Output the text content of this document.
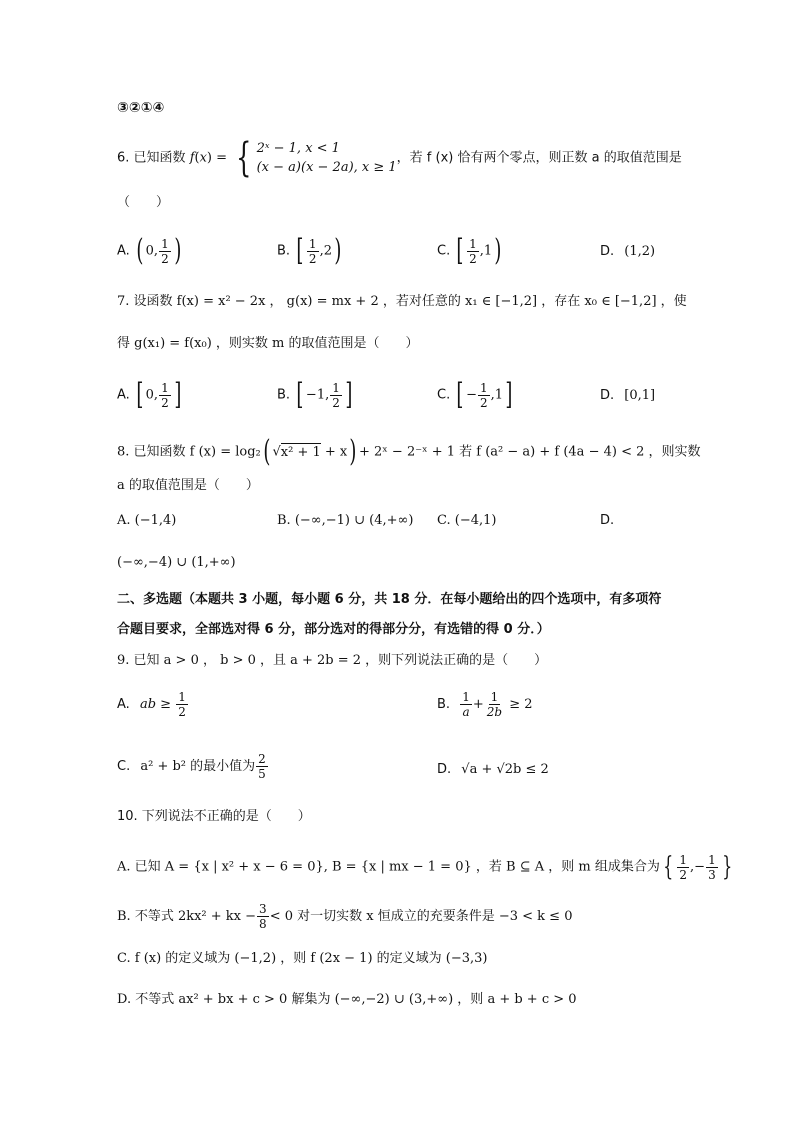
③②①④
6. 已知函数 f(x) = { 2ˣ − 1, x < 1
(x − a)(x − 2a), x ≥ 1
，若 f (x) 恰有两个零点，则正数 a 的取值范围是
（　　）
A. ( 0, $\frac{1}{2}$ )	B. [ $\frac{1}{2} ,2$)	C. [ $\frac{1}{2} ,1$)	D. (1,2)
7. 设函数 f(x) = x² − 2x ， g(x) = mx + 2 ，若对任意的 x₁ ∈ [−1,2] ，存在 x₀ ∈ [−1,2] ，使
得 g(x₁) = f(x₀) ，则实数 m 的取值范围是（　　）
A. [ 0, $\frac{1}{2}$ ]	B. [ −1, $\frac{1}{2}$ ]	C. [ − $\frac{1}{2} ,1$]	D. [0,1]
8. 已知函数 f (x) = log₂( √x² + 1 + x) + 2ˣ − 2⁻ˣ + 1 若 f (a² − a) + f (4a − 4) < 2 ，则实数
a 的取值范围是（　　）
A. (−1,4)	B. (−∞,−1) ∪ (4,+∞) C. (−4,1)	D.
(−∞,−4) ∪ (1,+∞)
二、多选题（本题共 3 小题，每小题 6 分，共 18 分．在每小题给出的四个选项中，有多项符
合题目要求，全部选对得 6 分，部分选对的得部分分，有选错的得 0 分．）
9. 已知 a > 0 ， b > 0 ，且 a + 2b = 2 ，则下列说法正确的是（　　）
A. ab ≥ $\frac{1}{2}$	B. $\frac{1}{a} + \frac{1}{2b} \ge 2$
C. a² + b² 的最小值为 $\frac{2}{5}$	D. √a + √2b ≤ 2
10. 下列说法不正确的是（　　）
A. 已知 A = {x | x² + x − 6 = 0}, B = {x | mx − 1 = 0} ，若 B ⊆ A ，则 m 组成集合为 { $\frac{1}{2}$ ,− $\frac{1}{3}$ }
B. 不等式 2kx² + kx − $\frac{3}{8} < 0$ 对一切实数 x 恒成立的充要条件是 −3 < k ≤ 0
C. f (x) 的定义域为 (−1,2) ，则 f (2x − 1) 的定义域为 (−3,3)
D. 不等式 ax² + bx + c > 0 解集为 (−∞,−2) ∪ (3,+∞) ，则 a + b + c > 0
